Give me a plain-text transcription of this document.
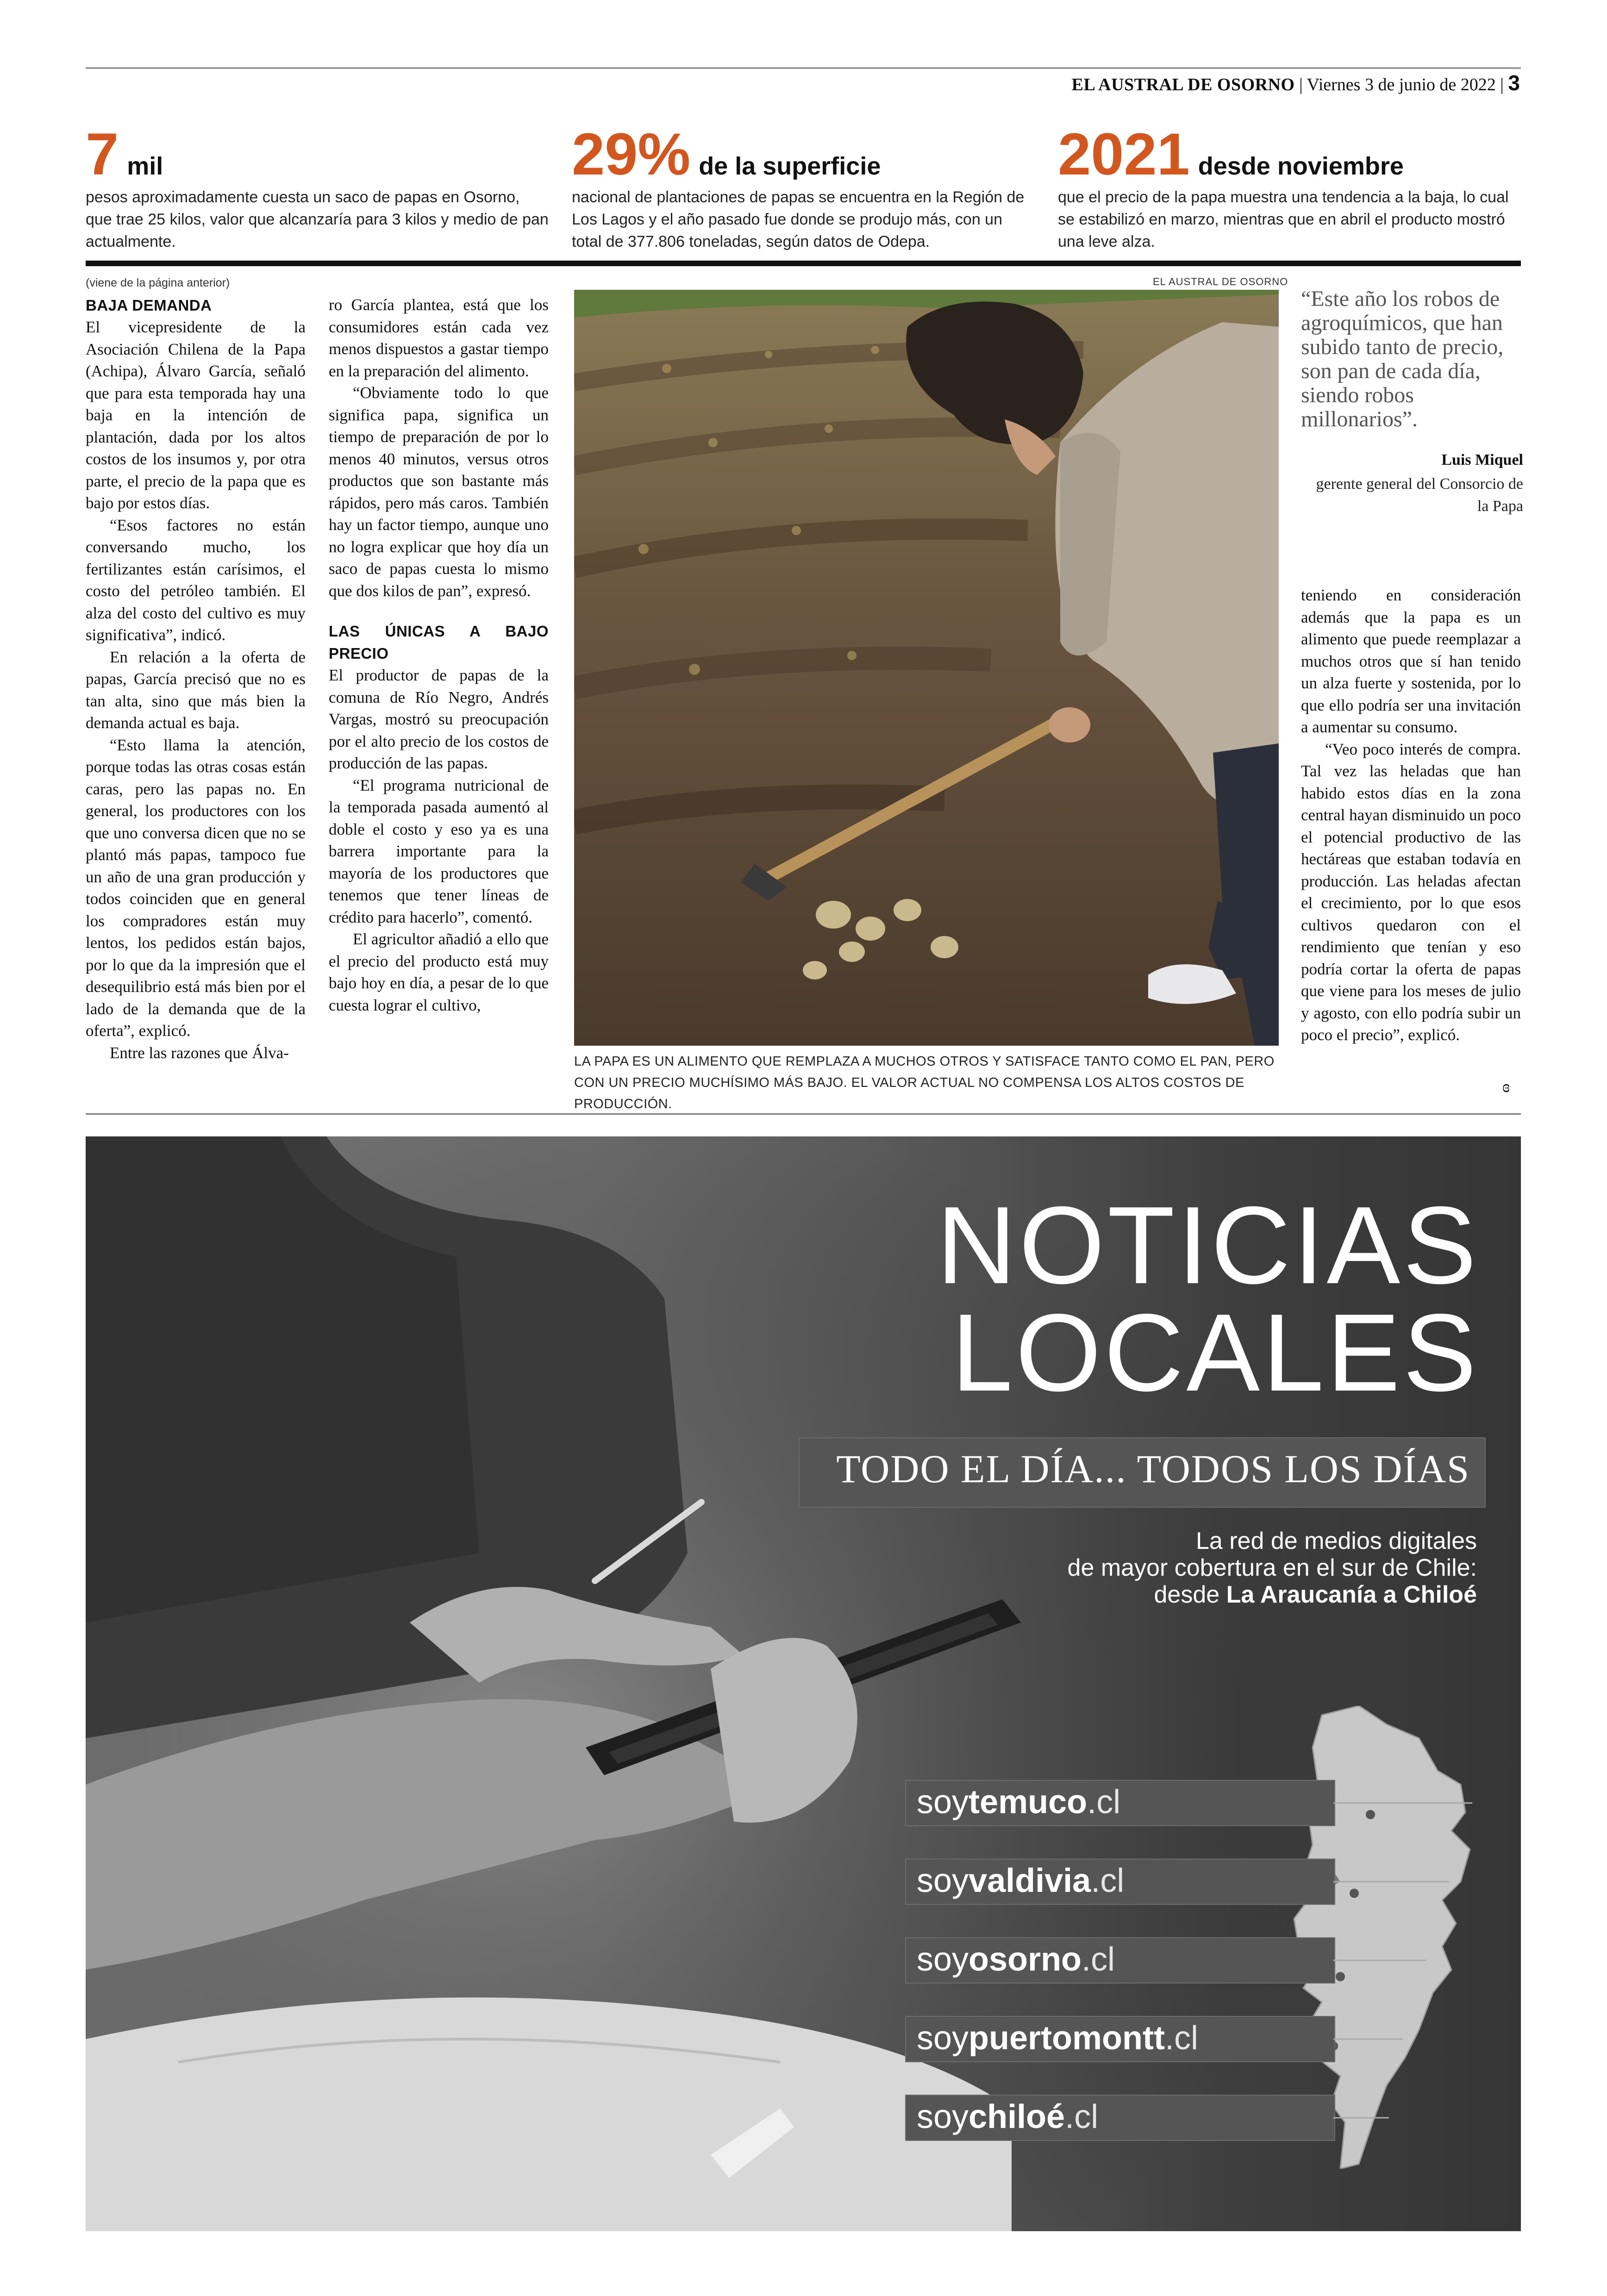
EL AUSTRAL DE OSORNO | Viernes 3 de junio de 2022 | 3
7 mil
pesos aproximadamente cuesta un saco de papas en Osorno, que trae 25 kilos, valor que alcanzaría para 3 kilos y medio de pan actualmente.
29% de la superficie
nacional de plantaciones de papas se encuentra en la Región de Los Lagos y el año pasado fue donde se produjo más, con un total de 377.806 toneladas, según datos de Odepa.
2021 desde noviembre
que el precio de la papa muestra una tendencia a la baja, lo cual se estabilizó en marzo, mientras que en abril el producto mostró una leve alza.
(viene de la página anterior)
BAJA DEMANDA

El vicepresidente de la Asociación Chilena de la Papa (Achipa), Álvaro García, señaló que para esta temporada hay una baja en la intención de plantación, dada por los altos costos de los insumos y, por otra parte, el precio de la papa que es bajo por estos días.

“Esos factores no están conversando mucho, los fertilizantes están carísimos, el costo del petróleo también. El alza del costo del cultivo es muy significativa”, indicó.

En relación a la oferta de papas, García precisó que no es tan alta, sino que más bien la demanda actual es baja.

“Esto llama la atención, porque todas las otras cosas están caras, pero las papas no. En general, los productores con los que uno conversa dicen que no se plantó más papas, tampoco fue un año de una gran producción y todos coinciden que en general los compradores están muy lentos, los pedidos están bajos, por lo que da la impresión que el desequilibrio está más bien por el lado de la demanda que de la oferta”, explicó.

Entre las razones que Álva-

ro García plantea, está que los consumidores están cada vez menos dispuestos a gastar tiempo en la preparación del alimento.

“Obviamente todo lo que significa papa, significa un tiempo de preparación de por lo menos 40 minutos, versus otros productos que son bastante más rápidos, pero más caros. También hay un factor tiempo, aunque uno no logra explicar que hoy día un saco de papas cuesta lo mismo que dos kilos de pan”, expresó.

LAS ÚNICAS A BAJO PRECIO

El productor de papas de la comuna de Río Negro, Andrés Vargas, mostró su preocupación por el alto precio de los costos de producción de las papas.

“El programa nutricional de la temporada pasada aumentó al doble el costo y eso ya es una barrera importante para la mayoría de los productores que tenemos que tener líneas de crédito para hacerlo”, comentó.

El agricultor añadió a ello que el precio del producto está muy bajo hoy en día, a pesar de lo que cuesta lograr el cultivo,

EL AUSTRAL DE OSORNO
LA PAPA ES UN ALIMENTO QUE REMPLAZA A MUCHOS OTROS Y SATISFACE TANTO COMO EL PAN, PERO CON UN PRECIO MUCHÍSIMO MÁS BAJO. EL VALOR ACTUAL NO COMPENSA LOS ALTOS COSTOS DE PRODUCCIÓN.
“Este año los robos de agroquímicos, que han subido tanto de precio, son pan de cada día, siendo robos millonarios”.
Luis Miquel
gerente general del Consorcio de la Papa

teniendo en consideración además que la papa es un alimento que puede reemplazar a muchos otros que sí han tenido un alza fuerte y sostenida, por lo que ello podría ser una invitación a aumentar su consumo.

“Veo poco interés de compra. Tal vez las heladas que han habido estos días en la zona central hayan disminuido un poco el potencial productivo de las hectáreas que estaban todavía en producción. Las heladas afectan el crecimiento, por lo que esos cultivos quedaron con el rendimiento que tenían y eso podría cortar la oferta de papas que viene para los meses de julio y agosto, con ello podría subir un poco el precio”, explicó.

ɞ
NOTICIAS
LOCALES
TODO EL DÍA... TODOS LOS DÍAS
La red de medios digitales
de mayor cobertura en el sur de Chile:
desde La Araucanía a Chiloé
soytemuco.cl
soyvaldivia.cl
soyosorno.cl
soypuertomontt.cl
soychiloé.cl
